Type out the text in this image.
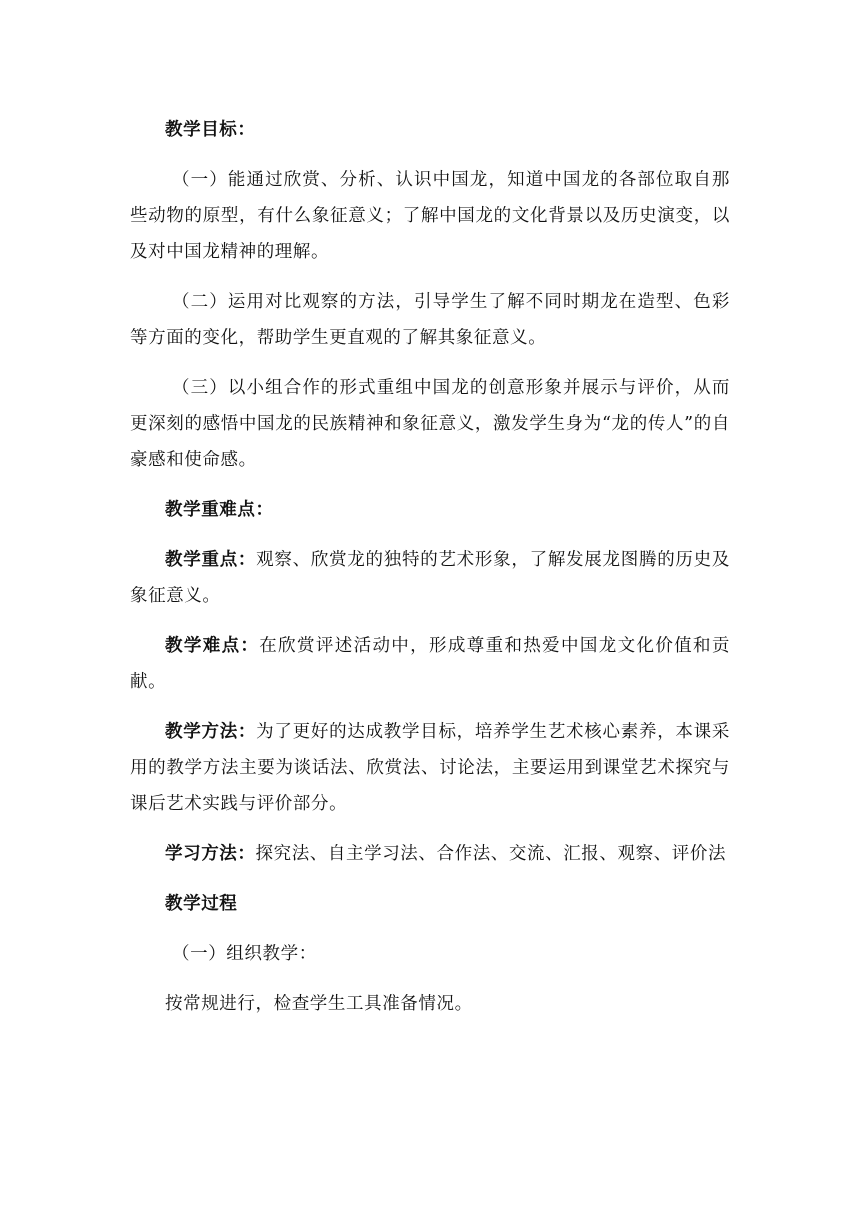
教学目标：

（一）能通过欣赏、分析、认识中国龙，知道中国龙的各部位取自那些动物的原型，有什么象征意义；了解中国龙的文化背景以及历史演变，以及对中国龙精神的理解。

（二）运用对比观察的方法，引导学生了解不同时期龙在造型、色彩等方面的变化，帮助学生更直观的了解其象征意义。

（三）以小组合作的形式重组中国龙的创意形象并展示与评价，从而更深刻的感悟中国龙的民族精神和象征意义，激发学生身为“龙的传人”的自豪感和使命感。

教学重难点：

教学重点：观察、欣赏龙的独特的艺术形象，了解发展龙图腾的历史及象征意义。

教学难点：在欣赏评述活动中，形成尊重和热爱中国龙文化价值和贡献。

教学方法：为了更好的达成教学目标，培养学生艺术核心素养，本课采用的教学方法主要为谈话法、欣赏法、讨论法，主要运用到课堂艺术探究与课后艺术实践与评价部分。

学习方法：探究法、自主学习法、合作法、交流、汇报、观察、评价法

教学过程

（一）组织教学：

按常规进行，检查学生工具准备情况。
